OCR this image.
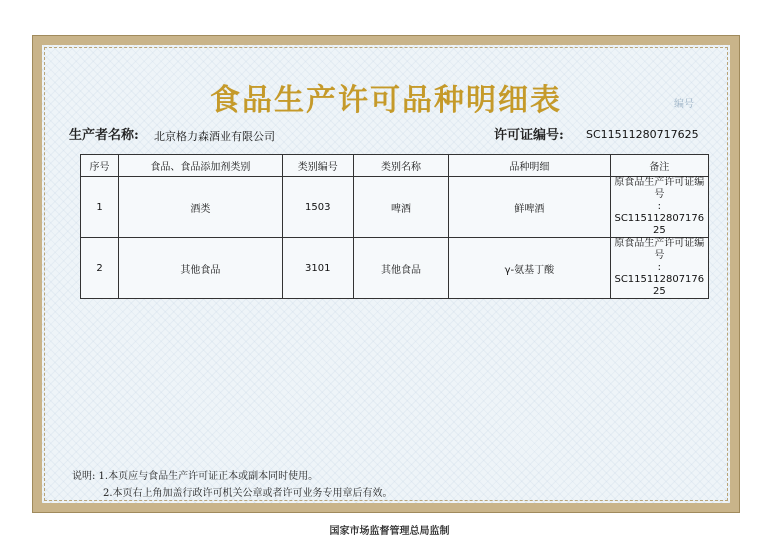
食品生产许可品种明细表	编号
生产者名称: 北京格力森酒业有限公司	许可证编号: SC11511280717625
序号	食品、食品添加剂类别	类别编号	类别名称	品种明细	备注
1	酒类	1503	啤酒	鲜啤酒	原食品生产许可证编号
: SC115112807176 25

2	其他食品	3101	其他食品	γ-氨基丁酸	原食品生产许可证编号
: SC115112807176 25
说明: 1.本页应与食品生产许可证正本或副本同时使用。
2.本页右上角加盖行政许可机关公章或者许可业务专用章后有效。
国家市场监督管理总局监制
